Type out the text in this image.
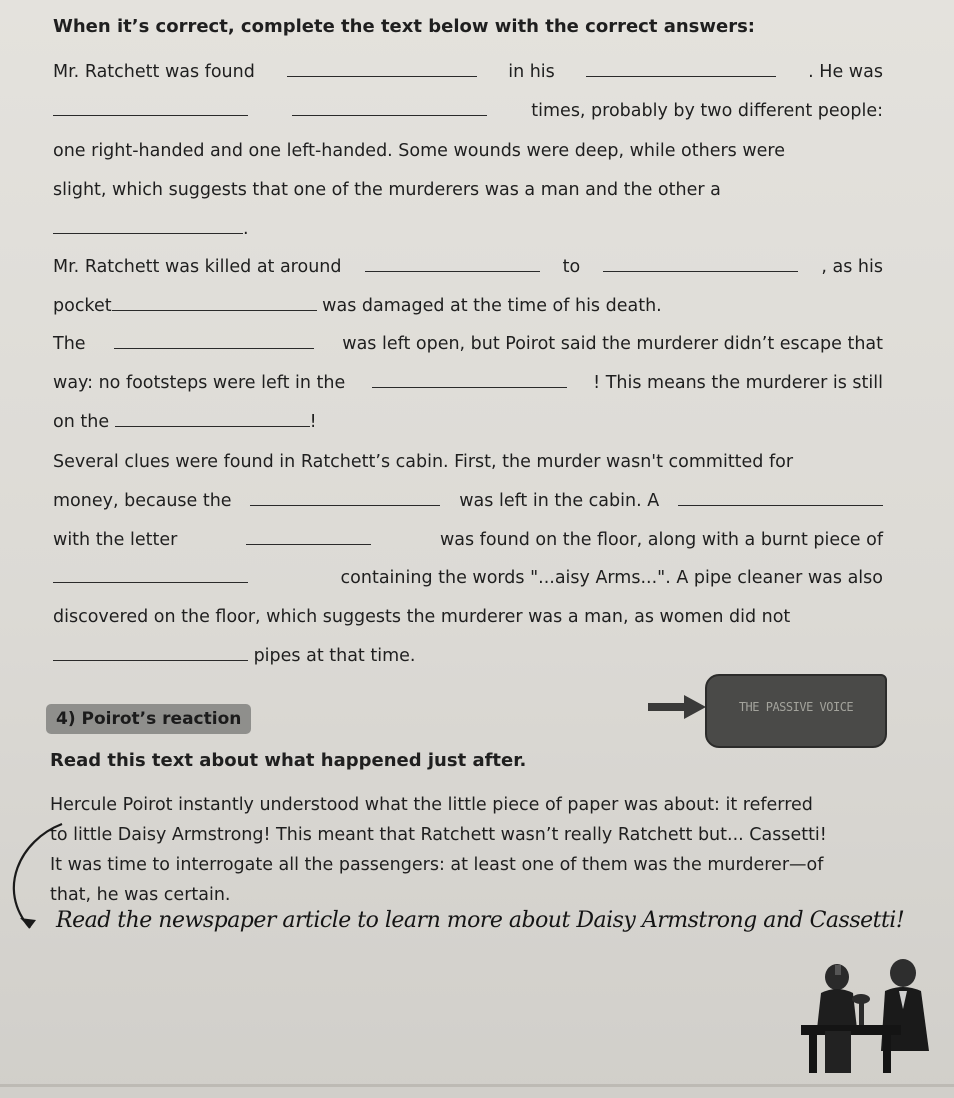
When it’s correct, complete the text below with the correct answers:
Mr. Ratchett was found	in his	. He was
times, probably by two different people:
one right-handed and one left-handed. Some wounds were deep, while others were
slight, which suggests that one of the murderers was a man and the other a
.
Mr. Ratchett was killed at around	to	, as his
pocket	was damaged at the time of his death.
The	was left open, but Poirot said the murderer didn’t escape that
way: no footsteps were left in the	! This means the murderer is still
on the	!
Several clues were found in Ratchett’s cabin. First, the murder wasn't committed for
money, because the	was left in the cabin. A
with the letter	was found on the floor, along with a burnt piece of
containing the words "...aisy Arms...". A pipe cleaner was also
discovered on the floor, which suggests the murderer was a man, as women did not
pipes at that time.
4) Poirot’s reaction
THE PASSIVE VOICE
Read this text about what happened just after.
Hercule Poirot instantly understood what the little piece of paper was about: it referred
to little Daisy Armstrong! This meant that Ratchett wasn’t really Ratchett but... Cassetti!
It was time to interrogate all the passengers: at least one of them was the murderer—of
that, he was certain.
Read the newspaper article to learn more about Daisy Armstrong and Cassetti!
